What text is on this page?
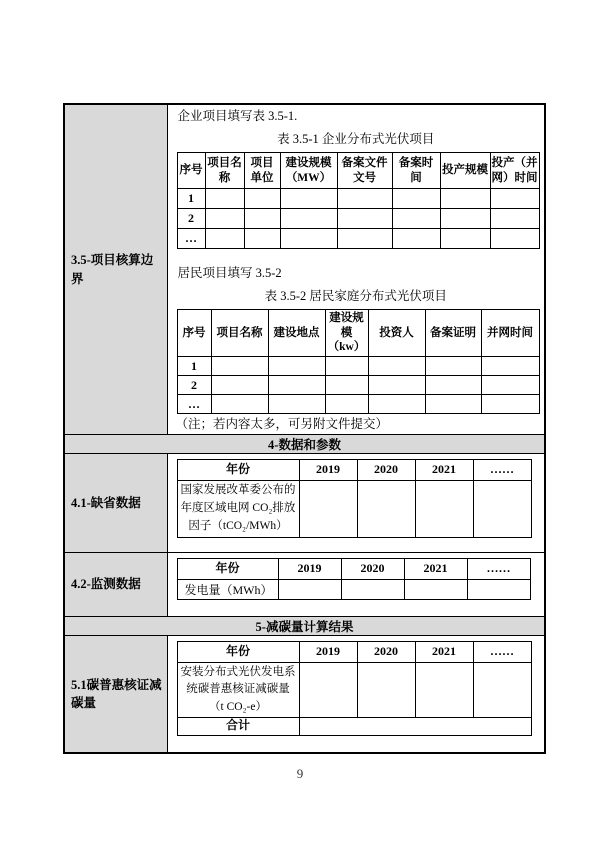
3.5-项目核算边界	
企业项目填写表 3.5-1.
表 3.5-1 企业分布式光伏项目
序号	项目名称	项目单位	建设规模（MW）	备案文件文号	备案时间	投产规模	投产（并网）时间
1							
2							
…							
居民项目填写 3.5-2
表 3.5-2 居民家庭分布式光伏项目
序号	项目名称	建设地点	建设规模（kw）	投资人	备案证明	并网时间
1						
2						
…						
（注；若内容太多，可另附文件提交）

4-数据和参数
4.1-缺省数据	
年份	2019	2020	2021	……
国家发展改革委公布的年度区域电网 CO₂排放因子（tCO₂/MWh）				

4.2-监测数据	
年份	2019	2020	2021	……
发电量（MWh）				

5-减碳量计算结果
5.1碳普惠核证减碳量	
年份	2019	2020	2021	……
安装分布式光伏发电系统碳普惠核证减碳量（t CO₂-e）				
合计	
9
